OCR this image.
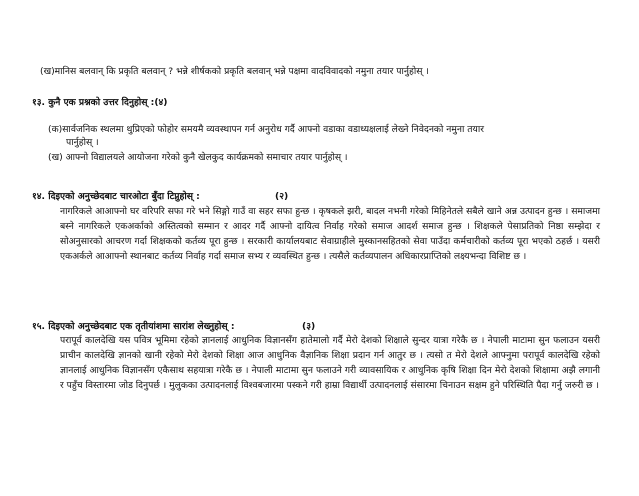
(ख)मानिस बलवान् कि प्रकृति बलवान् ? भन्ने शीर्षकको प्रकृति बलवान् भन्ने पक्षमा वादविवादको नमुना तयार पार्नुहोस् ।
१३. कुनै एक प्रश्नको उत्तर दिनुहोस् :(४)
(क)सार्वजनिक स्थलमा थुप्रिएको फोहोर समयमै व्यवस्थापन गर्न अनुरोध गर्दै आफ्नो वडाका वडाध्यक्षलाई लेख्ने निवेदनको नमुना तयार
पार्नुहोस् ।
(ख) आफ्नो विद्यालयले आयोजना गरेको कुनै खेलकुद कार्यक्रमको समाचार तयार पार्नुहोस् ।
१४. दिइएको अनुच्छेदबाट चारओटा बुँदा टिप्नुहोस् :	(२)

नागरिकले आआफ्नो घर वरिपरि सफा गरे भने सिङ्गो गाउँ वा सहर सफा हुन्छ । कृषकले झरी, बादल नभनी गरेको मिहिनेतले सबैले खाने अन्न उत्पादन हुन्छ । समाजमा बस्ने नागरिकले एकअर्काको अस्तित्वको सम्मान र आदर गर्दै आफ्नो दायित्व निर्वाह गरेको समाज आदर्श समाज हुन्छ । शिक्षकले पेसाप्रतिको निष्ठा सम्झेदा र सोअनुसारको आचरण गर्दा शिक्षकको कर्तव्य पूरा हुन्छ । सरकारी कार्यालयबाट सेवाग्राहीले मुस्कानसहितको सेवा पाउँदा कर्मचारीको कर्तव्य पूरा भएको ठहर्छ । यसरी एकअर्कले आआफ्नो स्थानबाट कर्तव्य निर्वाह गर्दा समाज सभ्य र व्यवस्थित हुन्छ । त्यसैले कर्तव्यपालन अधिकारप्राप्तिको लक्ष्यभन्दा विशिष्ट छ ।

१५. दिइएको अनुच्छेदबाट एक तृतीयांशमा सारांश लेख्नुहोस् :	(३)

परापूर्व कालदेखि यस पवित्र भूमिमा रहेको ज्ञानलाई आधुनिक विज्ञानसँग हातेमालो गर्दै मेरो देशको शिक्षाले सुन्दर यात्रा गरेकै छ । नेपाली माटामा सुन फलाउन यसरी प्राचीन कालदेखि ज्ञानको खानी रहेको मेरो देशको शिक्षा आज आधुनिक वैज्ञानिक शिक्षा प्रदान गर्न आतुर छ । त्यसो त मेरो देशले आफ्नुमा परापूर्व कालदेखि रहेको ज्ञानलाई आधुनिक विज्ञानसँग एकैसाथ सहयात्रा गरेकै छ । नेपाली माटामा सुन फलाउने गरी व्यावसायिक र आधुनिक कृषि शिक्षा दिन मेरो देशको शिक्षामा अझै लगानी र पहुँच विस्तारमा जोड दिनुपर्छ । मुलुकका उत्पादनलाई विश्वबजारमा पस्कने गरी हाम्रा विद्यार्थी उत्पादनलाई संसारमा चिनाउन सक्षम हुने परिस्थिति पैदा गर्नु जरुरी छ ।
